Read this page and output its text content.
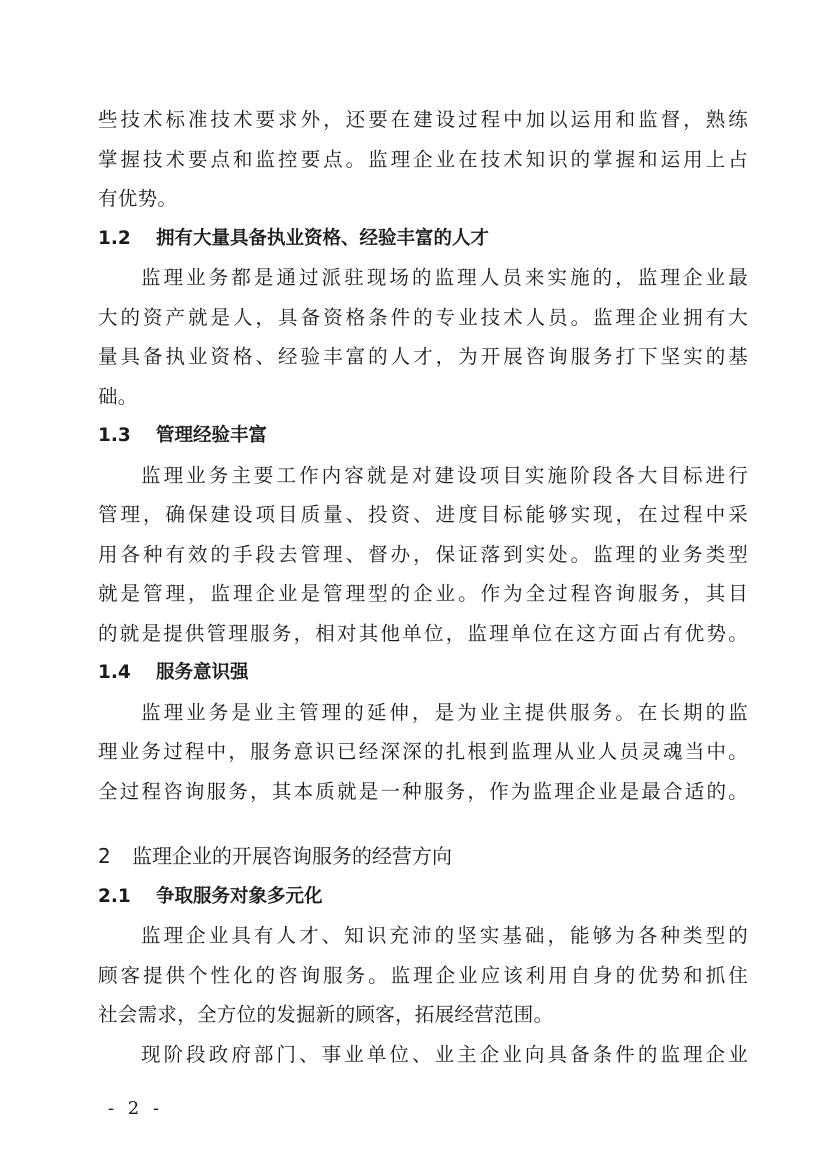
些技术标准技术要求外，还要在建设过程中加以运用和监督，熟练
掌握技术要点和监控要点。监理企业在技术知识的掌握和运用上占
有优势。
1.2 拥有大量具备执业资格、经验丰富的人才
监理业务都是通过派驻现场的监理人员来实施的，监理企业最
大的资产就是人，具备资格条件的专业技术人员。监理企业拥有大
量具备执业资格、经验丰富的人才，为开展咨询服务打下坚实的基
础。
1.3 管理经验丰富
监理业务主要工作内容就是对建设项目实施阶段各大目标进行
管理，确保建设项目质量、投资、进度目标能够实现，在过程中采
用各种有效的手段去管理、督办，保证落到实处。监理的业务类型
就是管理，监理企业是管理型的企业。作为全过程咨询服务，其目
的就是提供管理服务，相对其他单位，监理单位在这方面占有优势。
1.4 服务意识强
监理业务是业主管理的延伸，是为业主提供服务。在长期的监
理业务过程中，服务意识已经深深的扎根到监理从业人员灵魂当中。
全过程咨询服务，其本质就是一种服务，作为监理企业是最合适的。
2 监理企业的开展咨询服务的经营方向
2.1 争取服务对象多元化
监理企业具有人才、知识充沛的坚实基础，能够为各种类型的
顾客提供个性化的咨询服务。监理企业应该利用自身的优势和抓住
社会需求，全方位的发掘新的顾客，拓展经营范围。
现阶段政府部门、事业单位、业主企业向具备条件的监理企业
- 2 -
